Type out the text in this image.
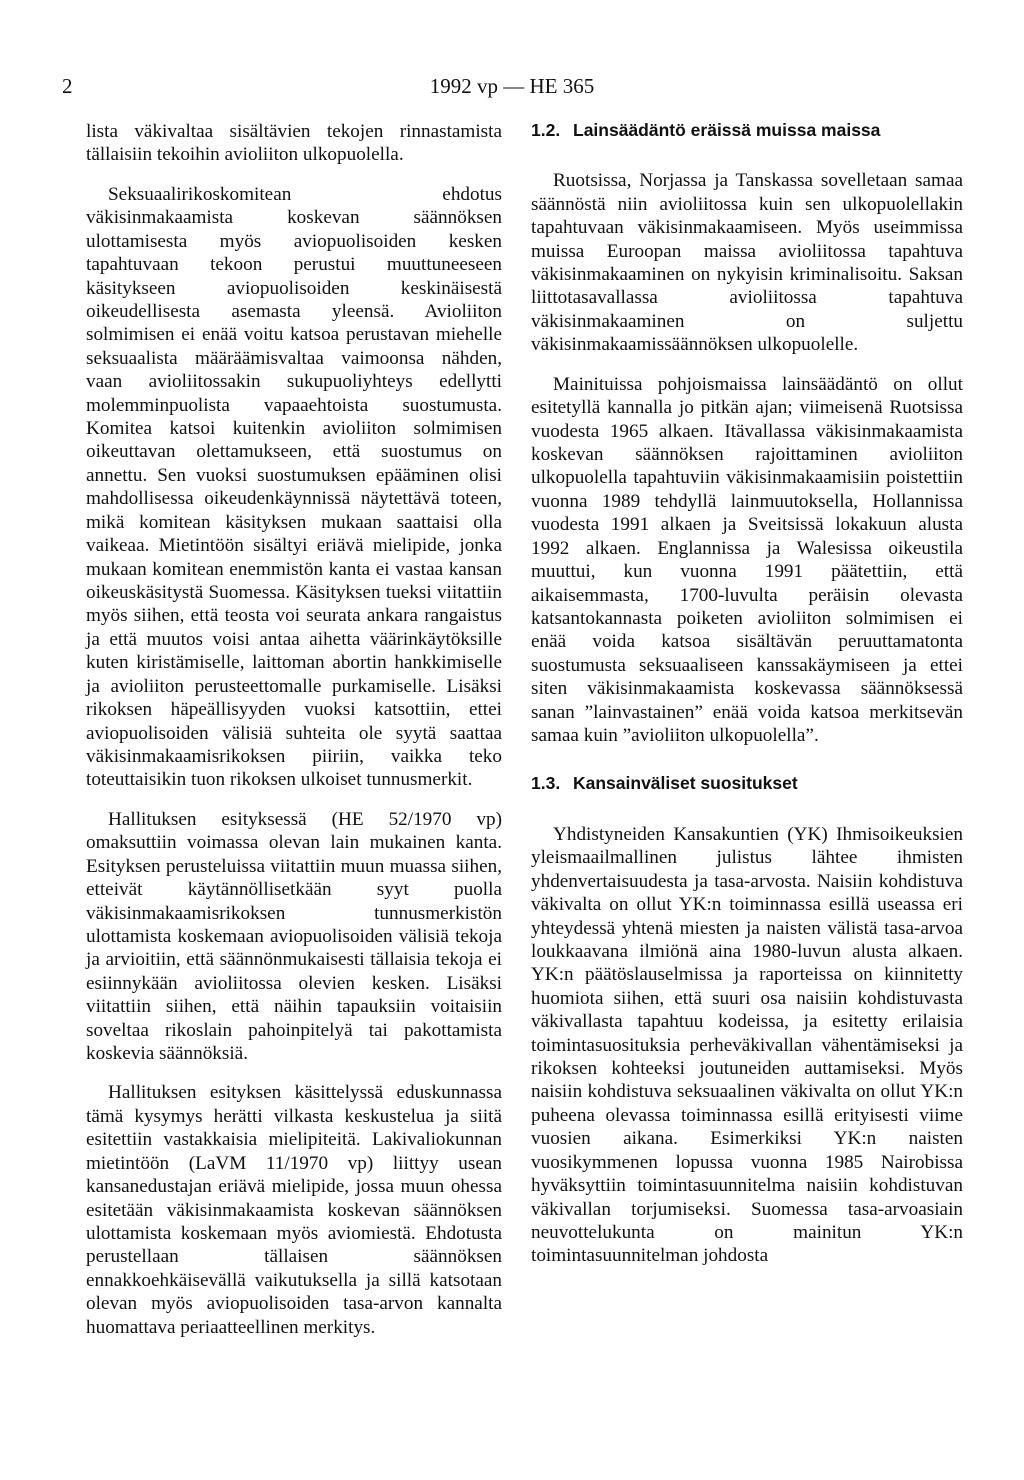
2	1992 vp — HE 365

lista väkivaltaa sisältävien tekojen rinnastamista tällaisiin tekoihin avioliiton ulkopuolella.

Seksuaalirikoskomitean ehdotus väkisinmakaamista koskevan säännöksen ulottamisesta myös aviopuolisoiden kesken tapahtuvaan tekoon perustui muuttuneeseen käsitykseen aviopuolisoiden keskinäisestä oikeudellisesta asemasta yleensä. Avioliiton solmimisen ei enää voitu katsoa perustavan miehelle seksuaalista määräämisvaltaa vaimoonsa nähden, vaan avioliitossakin sukupuoliyhteys edellytti molemminpuolista vapaaehtoista suostumusta. Komitea katsoi kuitenkin avioliiton solmimisen oikeuttavan olettamukseen, että suostumus on annettu. Sen vuoksi suostumuksen epääminen olisi mahdollisessa oikeudenkäynnissä näytettävä toteen, mikä komitean käsityksen mukaan saattaisi olla vaikeaa. Mietintöön sisältyi eriävä mielipide, jonka mukaan komitean enemmistön kanta ei vastaa kansan oikeuskäsitystä Suomessa. Käsityksen tueksi viitattiin myös siihen, että teosta voi seurata ankara rangaistus ja että muutos voisi antaa aihetta väärinkäytöksille kuten kiristämiselle, laittoman abortin hankkimiselle ja avioliiton perusteettomalle purkamiselle. Lisäksi rikoksen häpeällisyyden vuoksi katsottiin, ettei aviopuolisoiden välisiä suhteita ole syytä saattaa väkisinmakaamisrikoksen piiriin, vaikka teko toteuttaisikin tuon rikoksen ulkoiset tunnusmerkit.

Hallituksen esityksessä (HE 52/1970 vp) omaksuttiin voimassa olevan lain mukainen kanta. Esityksen perusteluissa viitattiin muun muassa siihen, etteivät käytännöllisetkään syyt puolla väkisinmakaamisrikoksen tunnusmerkistön ulottamista koskemaan aviopuolisoiden välisiä tekoja ja arvioitiin, että säännönmukaisesti tällaisia tekoja ei esiinnykään avioliitossa olevien kesken. Lisäksi viitattiin siihen, että näihin tapauksiin voitaisiin soveltaa rikoslain pahoinpitelyä tai pakottamista koskevia säännöksiä.

Hallituksen esityksen käsittelyssä eduskunnassa tämä kysymys herätti vilkasta keskustelua ja siitä esitettiin vastakkaisia mielipiteitä. Lakivaliokunnan mietintöön (LaVM 11/1970 vp) liittyy usean kansanedustajan eriävä mielipide, jossa muun ohessa esitetään väkisinmakaamista koskevan säännöksen ulottamista koskemaan myös aviomiestä. Ehdotusta perustellaan tällaisen säännöksen ennakkoehkäisevällä vaikutuksella ja sillä katsotaan olevan myös aviopuolisoiden tasa-arvon kannalta huomattava periaatteellinen merkitys.

1.2. Lainsäädäntö eräissä muissa maissa

Ruotsissa, Norjassa ja Tanskassa sovelletaan samaa säännöstä niin avioliitossa kuin sen ulkopuolellakin tapahtuvaan väkisinmakaamiseen. Myös useimmissa muissa Euroopan maissa avioliitossa tapahtuva väkisinmakaaminen on nykyisin kriminalisoitu. Saksan liittotasavallassa avioliitossa tapahtuva väkisinmakaaminen on suljettu väkisinmakaamissäännöksen ulkopuolelle.

Mainituissa pohjoismaissa lainsäädäntö on ollut esitetyllä kannalla jo pitkän ajan; viimeisenä Ruotsissa vuodesta 1965 alkaen. Itävallassa väkisinmakaamista koskevan säännöksen rajoittaminen avioliiton ulkopuolella tapahtuviin väkisinmakaamisiin poistettiin vuonna 1989 tehdyllä lainmuutoksella, Hollannissa vuodesta 1991 alkaen ja Sveitsissä lokakuun alusta 1992 alkaen. Englannissa ja Walesissa oikeustila muuttui, kun vuonna 1991 päätettiin, että aikaisemmasta, 1700-luvulta peräisin olevasta katsantokannasta poiketen avioliiton solmimisen ei enää voida katsoa sisältävän peruuttamatonta suostumusta seksuaaliseen kanssakäymiseen ja ettei siten väkisinmakaamista koskevassa säännöksessä sanan ”lainvastainen” enää voida katsoa merkitsevän samaa kuin ”avioliiton ulkopuolella”.

1.3. Kansainväliset suositukset

Yhdistyneiden Kansakuntien (YK) Ihmisoikeuksien yleismaailmallinen julistus lähtee ihmisten yhdenvertaisuudesta ja tasa-arvosta. Naisiin kohdistuva väkivalta on ollut YK:n toiminnassa esillä useassa eri yhteydessä yhtenä miesten ja naisten välistä tasa-arvoa loukkaavana ilmiönä aina 1980-luvun alusta alkaen. YK:n päätöslauselmissa ja raporteissa on kiinnitetty huomiota siihen, että suuri osa naisiin kohdistuvasta väkivallasta tapahtuu kodeissa, ja esitetty erilaisia toimintasuosituksia perheväkivallan vähentämiseksi ja rikoksen kohteeksi joutuneiden auttamiseksi. Myös naisiin kohdistuva seksuaalinen väkivalta on ollut YK:n puheena olevassa toiminnassa esillä erityisesti viime vuosien aikana. Esimerkiksi YK:n naisten vuosikymmenen lopussa vuonna 1985 Nairobissa hyväksyttiin toimintasuunnitelma naisiin kohdistuvan väkivallan torjumiseksi. Suomessa tasa-arvoasiain neuvottelukunta on mainitun YK:n toimintasuunnitelman johdosta
